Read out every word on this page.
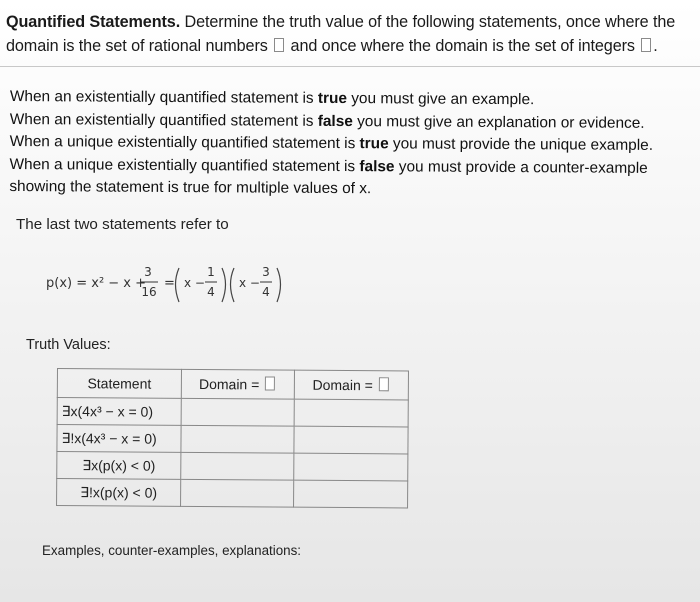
Quantified Statements. Determine the truth value of the following statements, once where the
domain is the set of rational numbers  and once where the domain is the set of integers .
When an existentially quantified statement is true you must give an example.
When an existentially quantified statement is false you must give an explanation or evidence.
When a unique existentially quantified statement is true you must provide the unique example.
When a unique existentially quantified statement is false you must provide a counter-example
showing the statement is true for multiple values of x.
The last two statements refer to
p(x) = x² − x +
3
16
= x −
1
4
x −
3
4
Truth Values:
Statement	Domain =	Domain =
∃x(4x³ − x = 0)		
∃!x(4x³ − x = 0)		
∃x(p(x) < 0)		
∃!x(p(x) < 0)		
Examples, counter-examples, explanations:
